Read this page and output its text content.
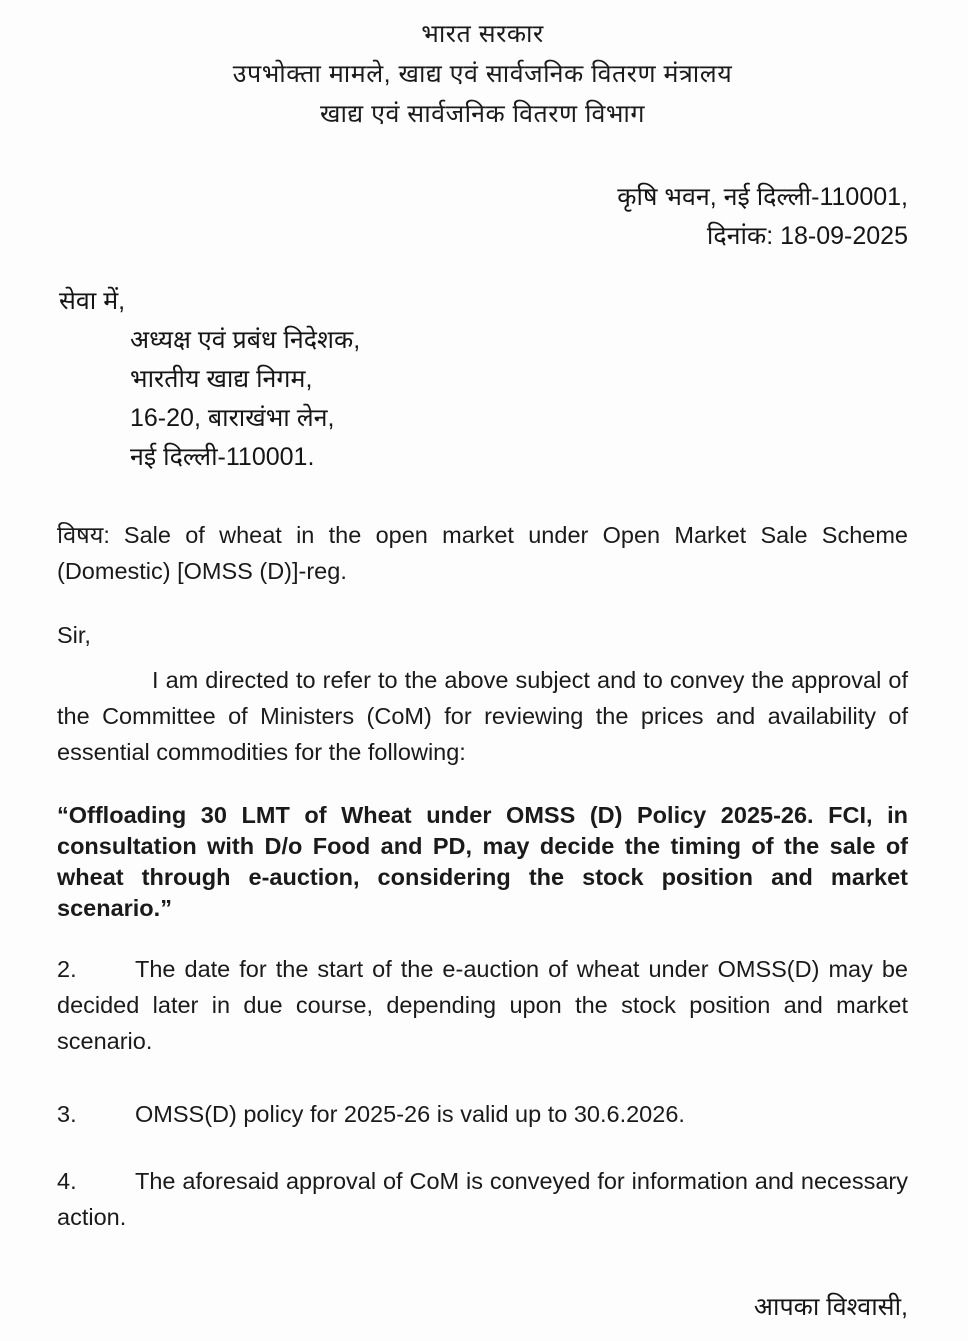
भारत सरकार
उपभोक्ता मामले, खाद्य एवं सार्वजनिक वितरण मंत्रालय
खाद्य एवं सार्वजनिक वितरण विभाग
कृषि भवन, नई दिल्ली-110001,
दिनांक: 18-09-2025
सेवा में,
अध्यक्ष एवं प्रबंध निदेशक,
भारतीय खाद्य निगम,
16-20, बाराखंभा लेन,
नई दिल्ली-110001.

विषय: Sale of wheat in the open market under Open Market Sale Scheme (Domestic) [OMSS (D)]-reg.

Sir,

I am directed to refer to the above subject and to convey the approval of the Committee of Ministers (CoM) for reviewing the prices and availability of essential commodities for the following:

“Offloading 30 LMT of Wheat under OMSS (D) Policy 2025-26. FCI, in consultation with D/o Food and PD, may decide the timing of the sale of wheat through e-auction, considering the stock position and market scenario.”

2. The date for the start of the e-auction of wheat under OMSS(D) may be decided later in due course, depending upon the stock position and market scenario.

3. OMSS(D) policy for 2025-26 is valid up to 30.6.2026.

4. The aforesaid approval of CoM is conveyed for information and necessary action.

आपका विश्वासी,
